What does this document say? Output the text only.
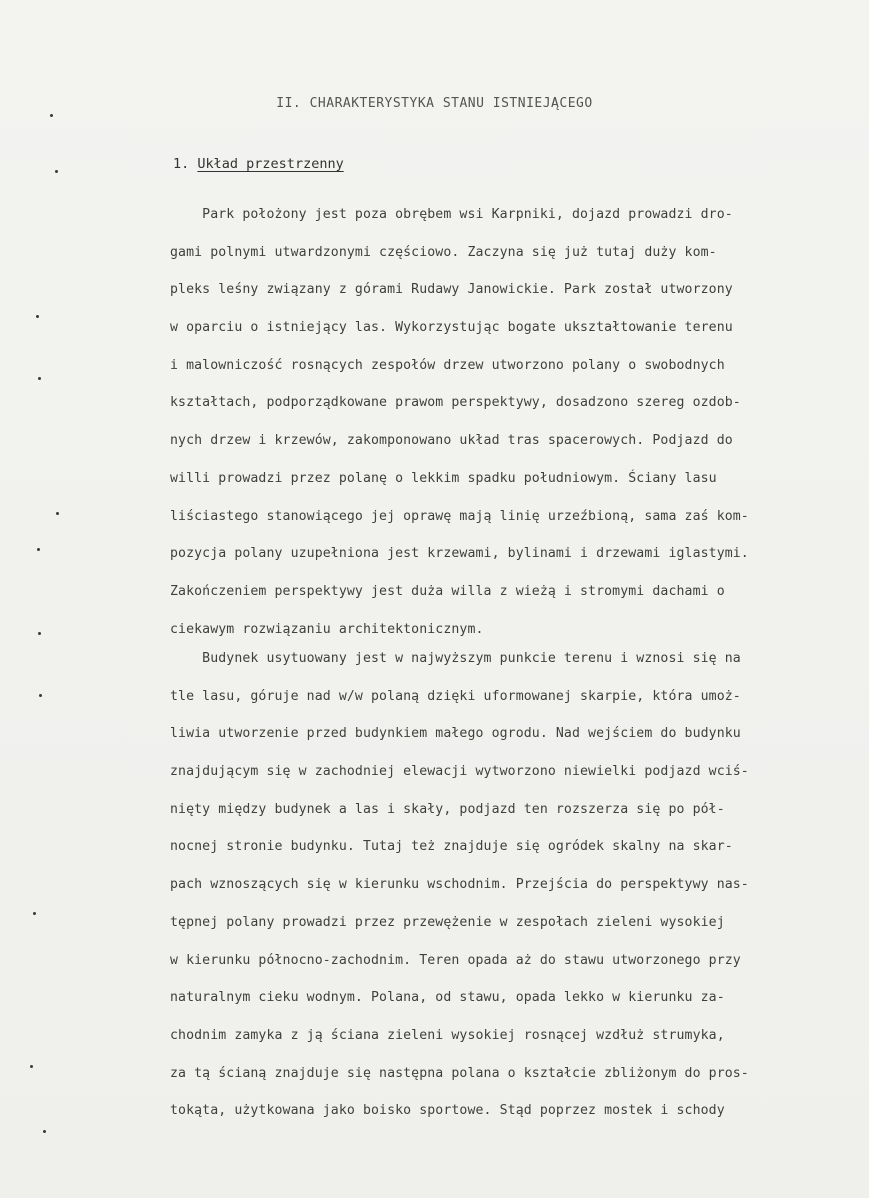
II. CHARAKTERYSTYKA STANU ISTNIEJĄCEGO
1. Układ przestrzenny
Park położony jest poza obrębem wsi Karpniki, dojazd prowadzi dro-
gami polnymi utwardzonymi częściowo. Zaczyna się już tutaj duży kom-
pleks leśny związany z górami Rudawy Janowickie. Park został utworzony
w oparciu o istniejący las. Wykorzystując bogate ukształtowanie terenu
i malowniczość rosnących zespołów drzew utworzono polany o swobodnych
kształtach, podporządkowane prawom perspektywy, dosadzono szereg ozdob-
nych drzew i krzewów, zakomponowano układ tras spacerowych. Podjazd do
willi prowadzi przez polanę o lekkim spadku południowym. Ściany lasu
liściastego stanowiącego jej oprawę mają linię urzeźbioną, sama zaś kom-
pozycja polany uzupełniona jest krzewami, bylinami i drzewami iglastymi.
Zakończeniem perspektywy jest duża willa z wieżą i stromymi dachami o
ciekawym rozwiązaniu architektonicznym.
Budynek usytuowany jest w najwyższym punkcie terenu i wznosi się na
tle lasu, góruje nad w/w polaną dzięki uformowanej skarpie, która umoż-
liwia utworzenie przed budynkiem małego ogrodu. Nad wejściem do budynku
znajdującym się w zachodniej elewacji wytworzono niewielki podjazd wciś-
nięty między budynek a las i skały, podjazd ten rozszerza się po pół-
nocnej stronie budynku. Tutaj też znajduje się ogródek skalny na skar-
pach wznoszących się w kierunku wschodnim. Przejścia do perspektywy nas-
tępnej polany prowadzi przez przewężenie w zespołach zieleni wysokiej
w kierunku północno-zachodnim. Teren opada aż do stawu utworzonego przy
naturalnym cieku wodnym. Polana, od stawu, opada lekko w kierunku za-
chodnim zamyka z ją ściana zieleni wysokiej rosnącej wzdłuż strumyka,
za tą ścianą znajduje się następna polana o kształcie zbliżonym do pros-
tokąta, użytkowana jako boisko sportowe. Stąd poprzez mostek i schody
